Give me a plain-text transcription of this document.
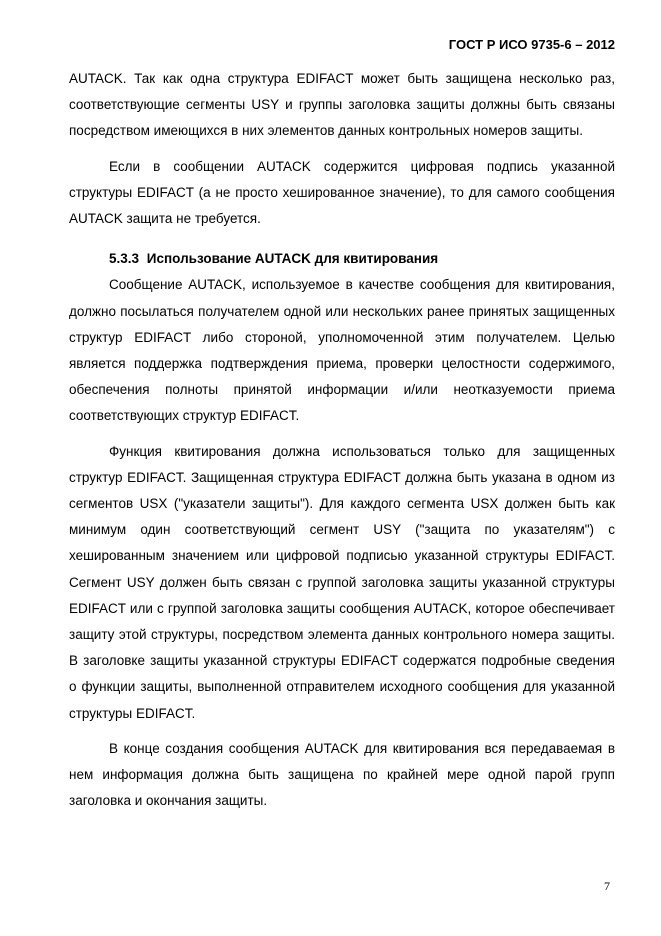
ГОСТ Р ИСО 9735-6 – 2012

AUTACK. Так как одна структура EDIFACT может быть защищена несколько раз, соответствующие сегменты USY и группы заголовка защиты должны быть связаны посредством имеющихся в них элементов данных контрольных номеров защиты.

Если в сообщении AUTACK содержится цифровая подпись указанной структуры EDIFACT (а не просто хешированное значение), то для самого сообщения AUTACK защита не требуется.

5.3.3 Использование AUTACK для квитирования

Сообщение AUTACK, используемое в качестве сообщения для квитирования, должно посылаться получателем одной или нескольких ранее принятых защищенных структур EDIFACT либо стороной, уполномоченной этим получателем. Целью является поддержка подтверждения приема, проверки целостности содержимого, обеспечения полноты принятой информации и/или неотказуемости приема соответствующих структур EDIFACT.

Функция квитирования должна использоваться только для защищенных структур EDIFACT. Защищенная структура EDIFACT должна быть указана в одном из сегментов USX ("указатели защиты"). Для каждого сегмента USX должен быть как минимум один соответствующий сегмент USY ("защита по указателям") с хешированным значением или цифровой подписью указанной структуры EDIFACT. Сегмент USY должен быть связан с группой заголовка защиты указанной структуры EDIFACT или с группой заголовка защиты сообщения AUTACK, которое обеспечивает защиту этой структуры, посредством элемента данных контрольного номера защиты. В заголовке защиты указанной структуры EDIFACT содержатся подробные сведения о функции защиты, выполненной отправителем исходного сообщения для указанной структуры EDIFACT.

В конце создания сообщения AUTACK для квитирования вся передаваемая в нем информация должна быть защищена по крайней мере одной парой групп заголовка и окончания защиты.

7
